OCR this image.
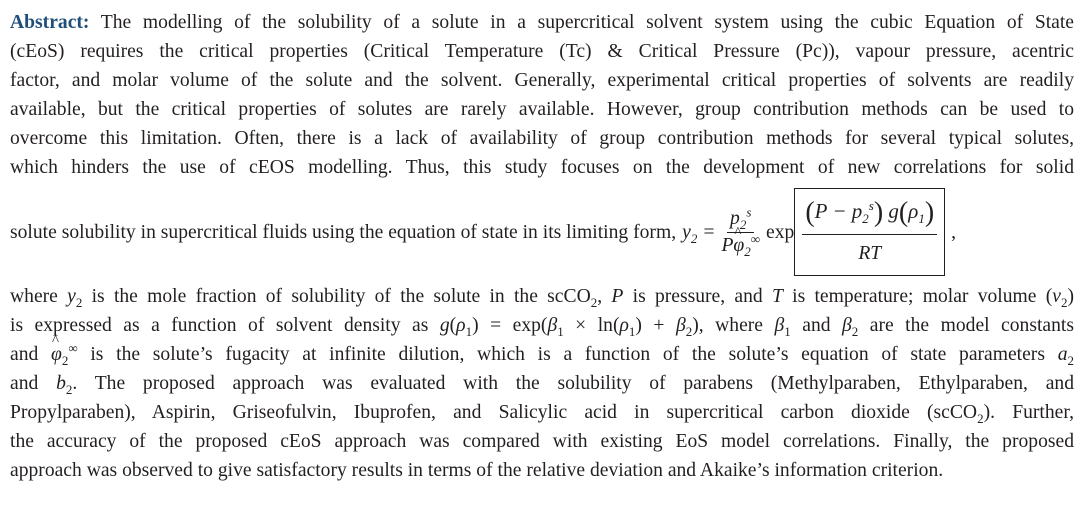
Abstract: The modelling of the solubility of a solute in a supercritical solvent system using the cubic Equation of State
(cEoS) requires the critical properties (Critical Temperature (Tc) & Critical Pressure (Pc)), vapour pressure, acentric
factor, and molar volume of the solute and the solvent. Generally, experimental critical properties of solvents are readily
available, but the critical properties of solutes are rarely available. However, group contribution methods can be used to
overcome this limitation. Often, there is a lack of availability of group contribution methods for several typical solutes,
which hinders the use of cEOS modelling. Thus, this study focuses on the development of new correlations for solid
solute solubility in supercritical fluids using the equation of state in its limiting form, $y_2 = \frac{p_2^s}{P\^{} \varphi_2^\infty}$ $\exp \frac{(P - p_2^s) g(\rho_1)}{RT}$ ,
where $y_2$ is the mole fraction of solubility of the solute in the scCO$_2$, P is pressure, and T is temperature; molar volume $(v_2)$
is expressed as a function of solvent density as $g(\rho_1) = \exp(\beta_1 \times \ln(\rho_1) + \beta_2)$, where $\beta_1$ and $\beta_2$ are the model constants
and ^ $\varphi_2^\infty$ is the solute’s fugacity at infinite dilution, which is a function of the solute’s equation of state parameters $a_2$
and $b_2$. The proposed approach was evaluated with the solubility of parabens (Methylparaben, Ethylparaben, and
Propylparaben), Aspirin, Griseofulvin, Ibuprofen, and Salicylic acid in supercritical carbon dioxide (scCO$_2$). Further,
the accuracy of the proposed cEoS approach was compared with existing EoS model correlations. Finally, the proposed
approach was observed to give satisfactory results in terms of the relative deviation and Akaike’s information criterion.
